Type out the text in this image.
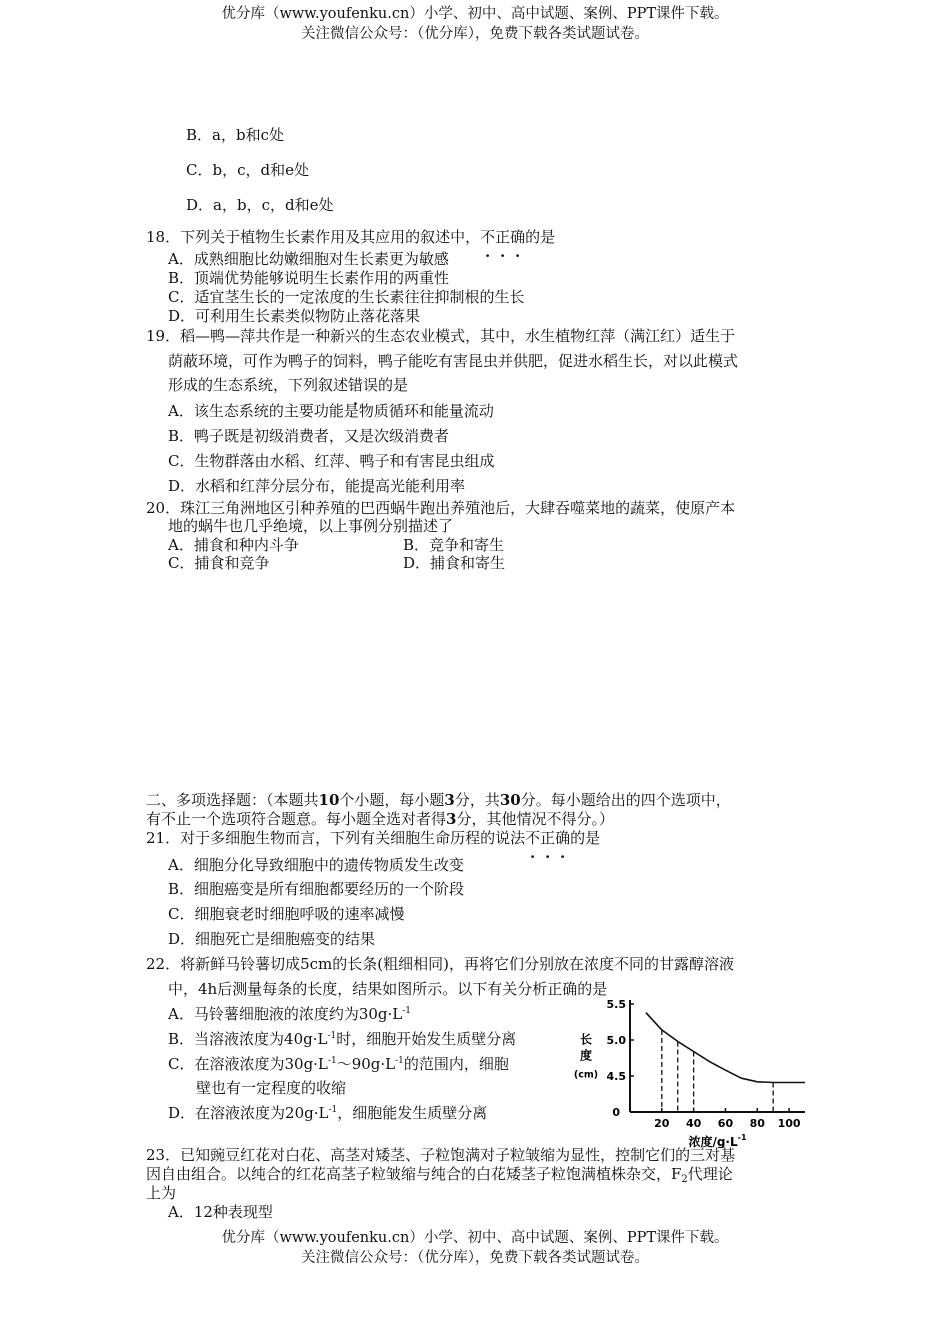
优分库（www.youfenku.cn）小学、初中、高中试题、案例、PPT课件下载。
关注微信公众号：（优分库），免费下载各类试题试卷。
B．a，b和c处
C．b，c，d和e处
D．a，b，c，d和e处
18．下列关于植物生长素作用及其应用的叙述中，不正确的是
A．成熟细胞比幼嫩细胞对生长素更为敏感
B．顶端优势能够说明生长素作用的两重性
C．适宜茎生长的一定浓度的生长素往往抑制根的生长
D．可利用生长素类似物防止落花落果
19．稻—鸭—萍共作是一种新兴的生态农业模式，其中，水生植物红萍（满江红）适生于
荫蔽环境，可作为鸭子的饲料，鸭子能吃有害昆虫并供肥，促进水稻生长，对以此模式
形成的生态系统，下列叙述错误的是
A．该生态系统的主要功能是物质循环和能量流动
B．鸭子既是初级消费者，又是次级消费者
C．生物群落由水稻、红萍、鸭子和有害昆虫组成
D．水稻和红萍分层分布，能提高光能利用率
20．珠江三角洲地区引种养殖的巴西蜗牛跑出养殖池后，大肆吞噬菜地的蔬菜，使原产本
地的蜗牛也几乎绝境，以上事例分别描述了
A．捕食和种内斗争	B．竞争和寄生
C．捕食和竞争	D．捕食和寄生
二、多项选择题：（本题共10个小题，每小题3分，共30分。每小题给出的四个选项中，
有不止一个选项符合题意。每小题全选对者得3分，其他情况不得分。）
21．对于多细胞生物而言，下列有关细胞生命历程的说法不正确的是
A．细胞分化导致细胞中的遗传物质发生改变
B．细胞癌变是所有细胞都要经历的一个阶段
C．细胞衰老时细胞呼吸的速率减慢
D．细胞死亡是细胞癌变的结果
22．将新鲜马铃薯切成5cm的长条(粗细相同)，再将它们分别放在浓度不同的甘露醇溶液
中，4h后测量每条的长度，结果如图所示。以下有关分析正确的是
A．马铃薯细胞液的浓度约为$30g\cdot L^{-1}$
B．当溶液浓度为$40g\cdot L^{-1}$时，细胞开始发生质壁分离
C．在溶液浓度为$30g\cdot L^{-1}\sim 90g\cdot L^{-1}$的范围内，细胞
壁也有一定程度的收缩
D．在溶液浓度为$20g\cdot L^{-1}$，细胞能发生质壁分离
20 40 60 80 100
0
4.5
5.0
5.5
长
度
(cm)
浓度$/g\cdot L^{-1}$
23．已知豌豆红花对白花、高茎对矮茎、子粒饱满对子粒皱缩为显性，控制它们的三对基
因自由组合。以纯合的红花高茎子粒皱缩与纯合的白花矮茎子粒饱满植株杂交，$F_2$代理论
上为
A．12种表现型
优分库（www.youfenku.cn）小学、初中、高中试题、案例、PPT课件下载。
关注微信公众号：（优分库），免费下载各类试题试卷。
